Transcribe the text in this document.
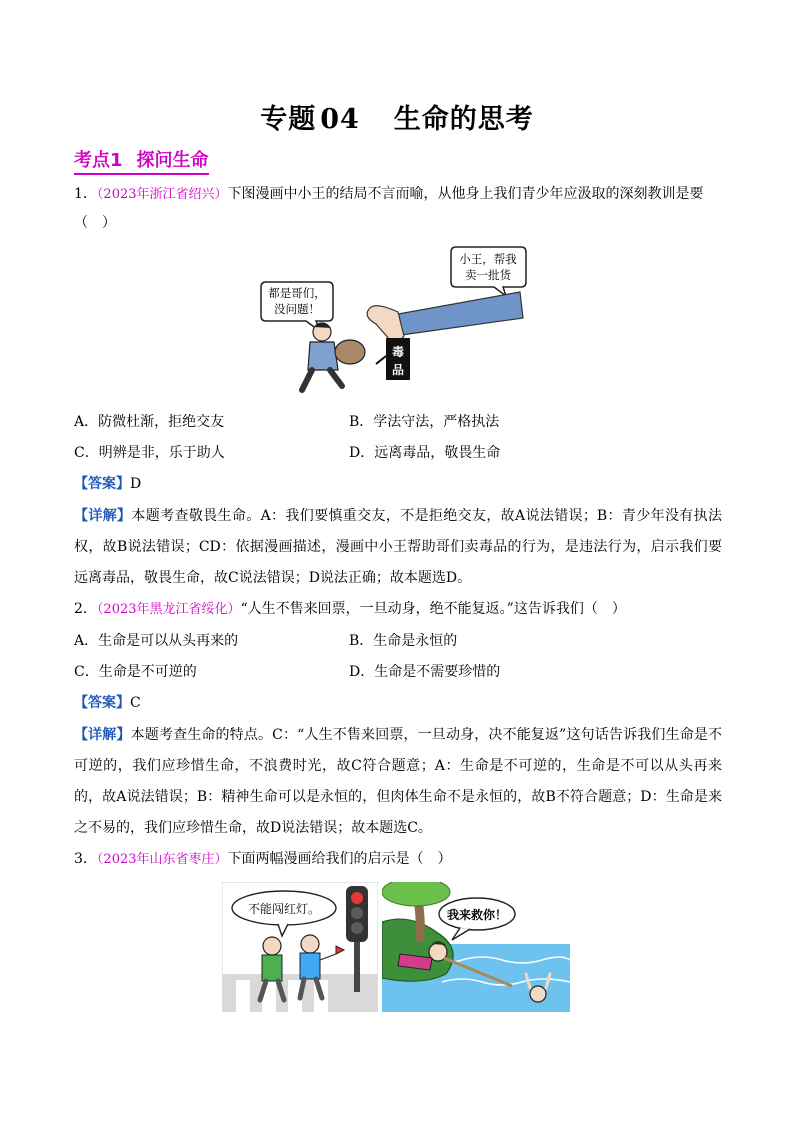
专题 04 生命的思考
考点1 探问生命
1．（2023年浙江省绍兴）下图漫画中小王的结局不言而喻，从他身上我们青少年应汲取的深刻教训是要
（　）
小王，帮我
卖一批货
都是哥们，
没问题！
毒
品
A．防微杜渐，拒绝交友	B．学法守法，严格执法
C．明辨是非，乐于助人	D．远离毒品，敬畏生命
【答案】D
【详解】本题考查敬畏生命。A：我们要慎重交友，不是拒绝交友，故A说法错误；B：青少年没有执法权，故B说法错误；CD：依据漫画描述，漫画中小王帮助哥们卖毒品的行为，是违法行为，启示我们要远离毒品，敬畏生命，故C说法错误；D说法正确；故本题选D。
2．（2023年黑龙江省绥化）“人生不售来回票，一旦动身，绝不能复返。”这告诉我们（　）
A．生命是可以从头再来的	B．生命是永恒的
C．生命是不可逆的	D．生命是不需要珍惜的
【答案】C
【详解】本题考查生命的特点。C：“人生不售来回票，一旦动身，决不能复返”这句话告诉我们生命是不可逆的，我们应珍惜生命，不浪费时光，故C符合题意；A：生命是不可逆的，生命是不可以从头再来的，故A说法错误；B：精神生命可以是永恒的，但肉体生命不是永恒的，故B不符合题意；D：生命是来之不易的，我们应珍惜生命，故D说法错误；故本题选C。
3．（2023年山东省枣庄）下面两幅漫画给我们的启示是（　）
不能闯红灯。	我来救你！
